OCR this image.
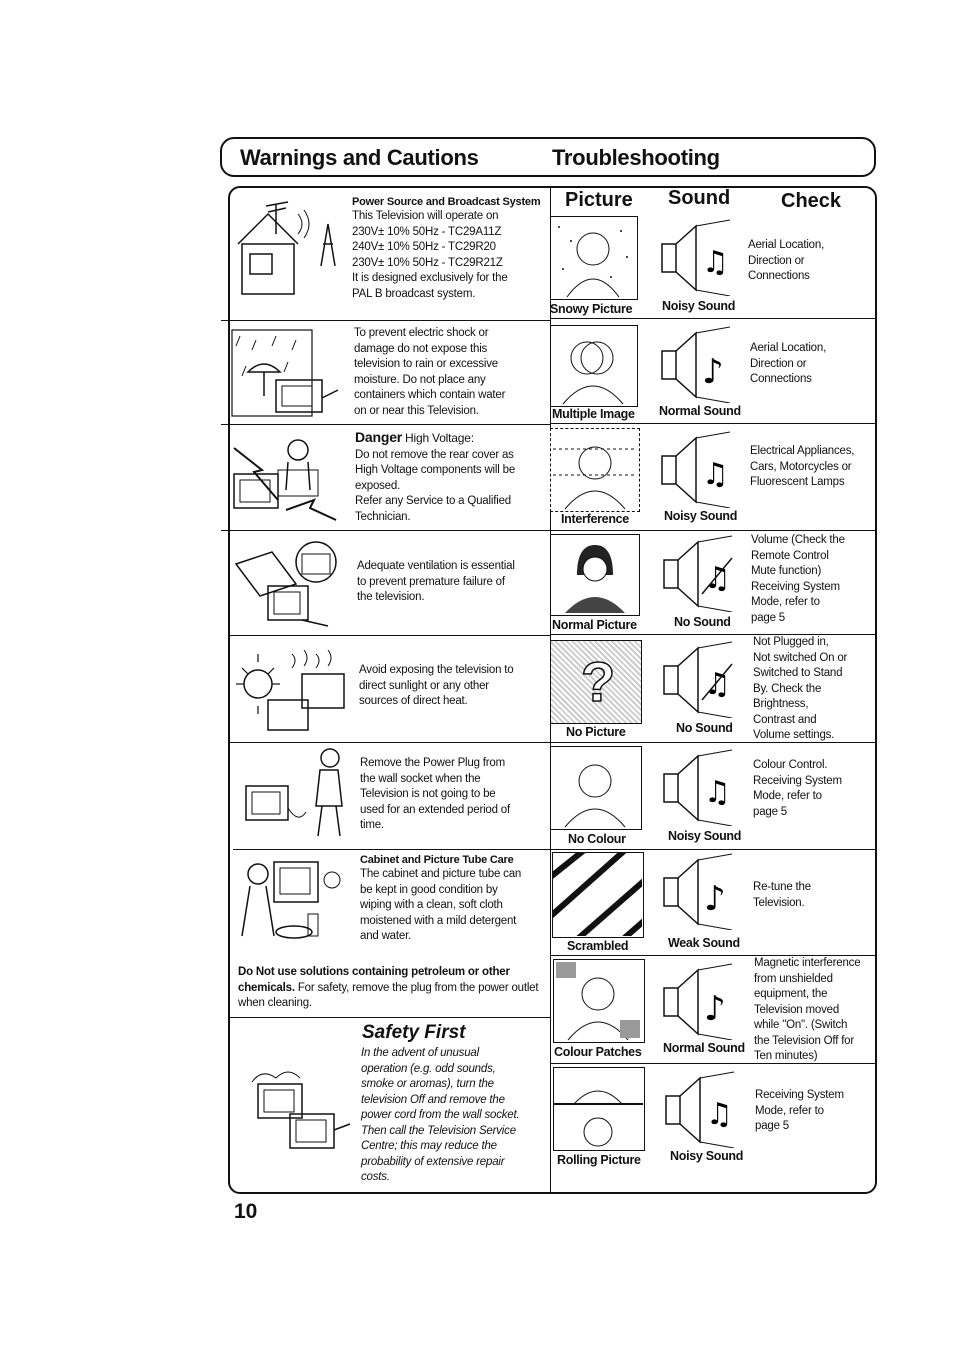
Warnings and Cautions	Troubleshooting
Power Source and Broadcast System
This Television will operate on
230V± 10% 50Hz - TC29A11Z
240V± 10% 50Hz - TC29R20
230V± 10% 50Hz - TC29R21Z
It is designed exclusively for the
PAL B broadcast system.
To prevent electric shock or
damage do not expose this
television to rain or excessive
moisture. Do not place any
containers which contain water
on or near this Television.
Danger High Voltage:
Do not remove the rear cover as
High Voltage components will be
exposed.
Refer any Service to a Qualified
Technician.
Adequate ventilation is essential
to prevent premature failure of
the television.
Avoid exposing the television to
direct sunlight or any other
sources of direct heat.
Remove the Power Plug from
the wall socket when the
Television is not going to be
used for an extended period of
time.
Cabinet and Picture Tube Care
The cabinet and picture tube can
be kept in good condition by
wiping with a clean, soft cloth
moistened with a mild detergent
and water.
Do Not use solutions containing petroleum or other chemicals. For safety, remove the plug from the power outlet when cleaning.
Safety First
In the advent of unusual
operation (e.g. odd sounds,
smoke or aromas), turn the
television Off and remove the
power cord from the wall socket.
Then call the Television Service
Centre; this may reduce the
probability of extensive repair
costs.
Picture Sound	Check
Snowy Picture
♫
Noisy Sound
Aerial Location,
Direction or
Connections
Multiple Image
♪
Normal Sound
Aerial Location,
Direction or
Connections
Interference
♫
Noisy Sound
Electrical Appliances,
Cars, Motorcycles or
Fluorescent Lamps
Normal Picture
♫
No Sound
Volume (Check the
Remote Control
Mute function)
Receiving System
Mode, refer to
page 5
?
No Picture
♫
No Sound
Not Plugged in,
Not switched On or
Switched to Stand
By. Check the
Brightness,
Contrast and
Volume settings.
No Colour
♫
Noisy Sound
Colour Control.
Receiving System
Mode, refer to
page 5
Scrambled
♪
Weak Sound
Re-tune the
Television.
Colour Patches
♪
Normal Sound
Magnetic interference
from unshielded
equipment, the
Television moved
while "On". (Switch
the Television Off for
Ten minutes)
Rolling Picture
♫
Noisy Sound
Receiving System
Mode, refer to
page 5
10
